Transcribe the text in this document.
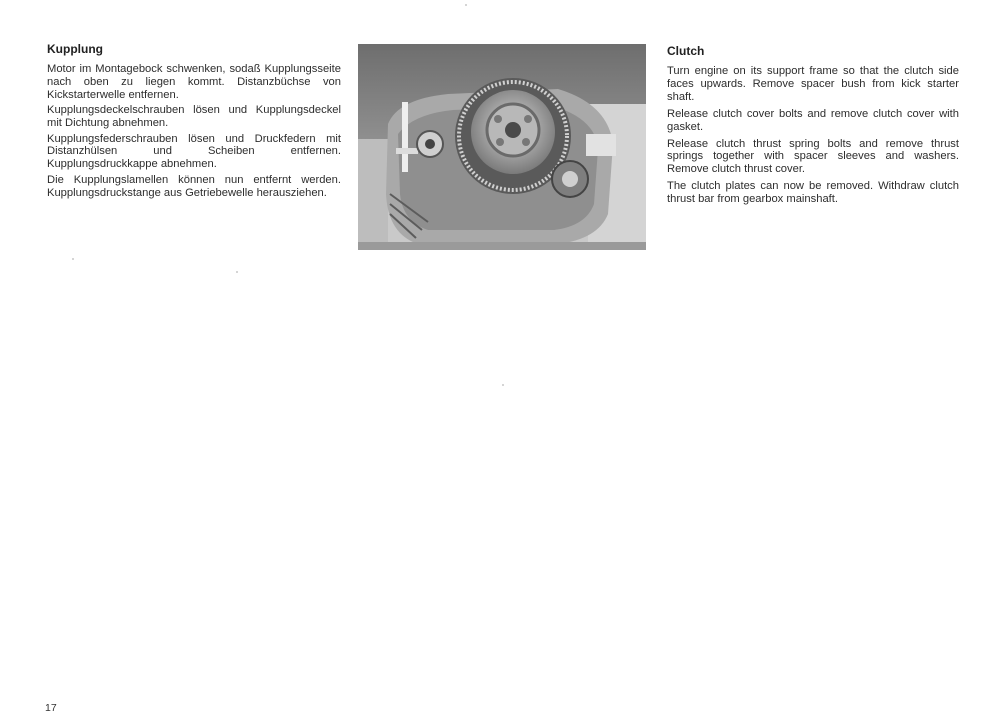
Kupplung

Motor im Montagebock schwenken, sodaß Kupplungsseite nach oben zu liegen kommt. Distanzbüchse von Kickstarterwelle entfernen.

Kupplungsdeckelschrauben lösen und Kupplungsdeckel mit Dichtung abnehmen.

Kupplungsfederschrauben lösen und Druckfedern mit Distanzhülsen und Scheiben entfernen. Kupplungsdruckkappe abnehmen.

Die Kupplungslamellen können nun entfernt werden. Kupplungsdruckstange aus Getriebewelle herausziehen.

Clutch

Turn engine on its support frame so that the clutch side faces upwards. Remove spacer bush from kick starter shaft.

Release clutch cover bolts and remove clutch cover with gasket.

Release clutch thrust spring bolts and remove thrust springs together with spacer sleeves and washers. Remove clutch thrust cover.

The clutch plates can now be removed. Withdraw clutch thrust bar from gearbox mainshaft.

17
